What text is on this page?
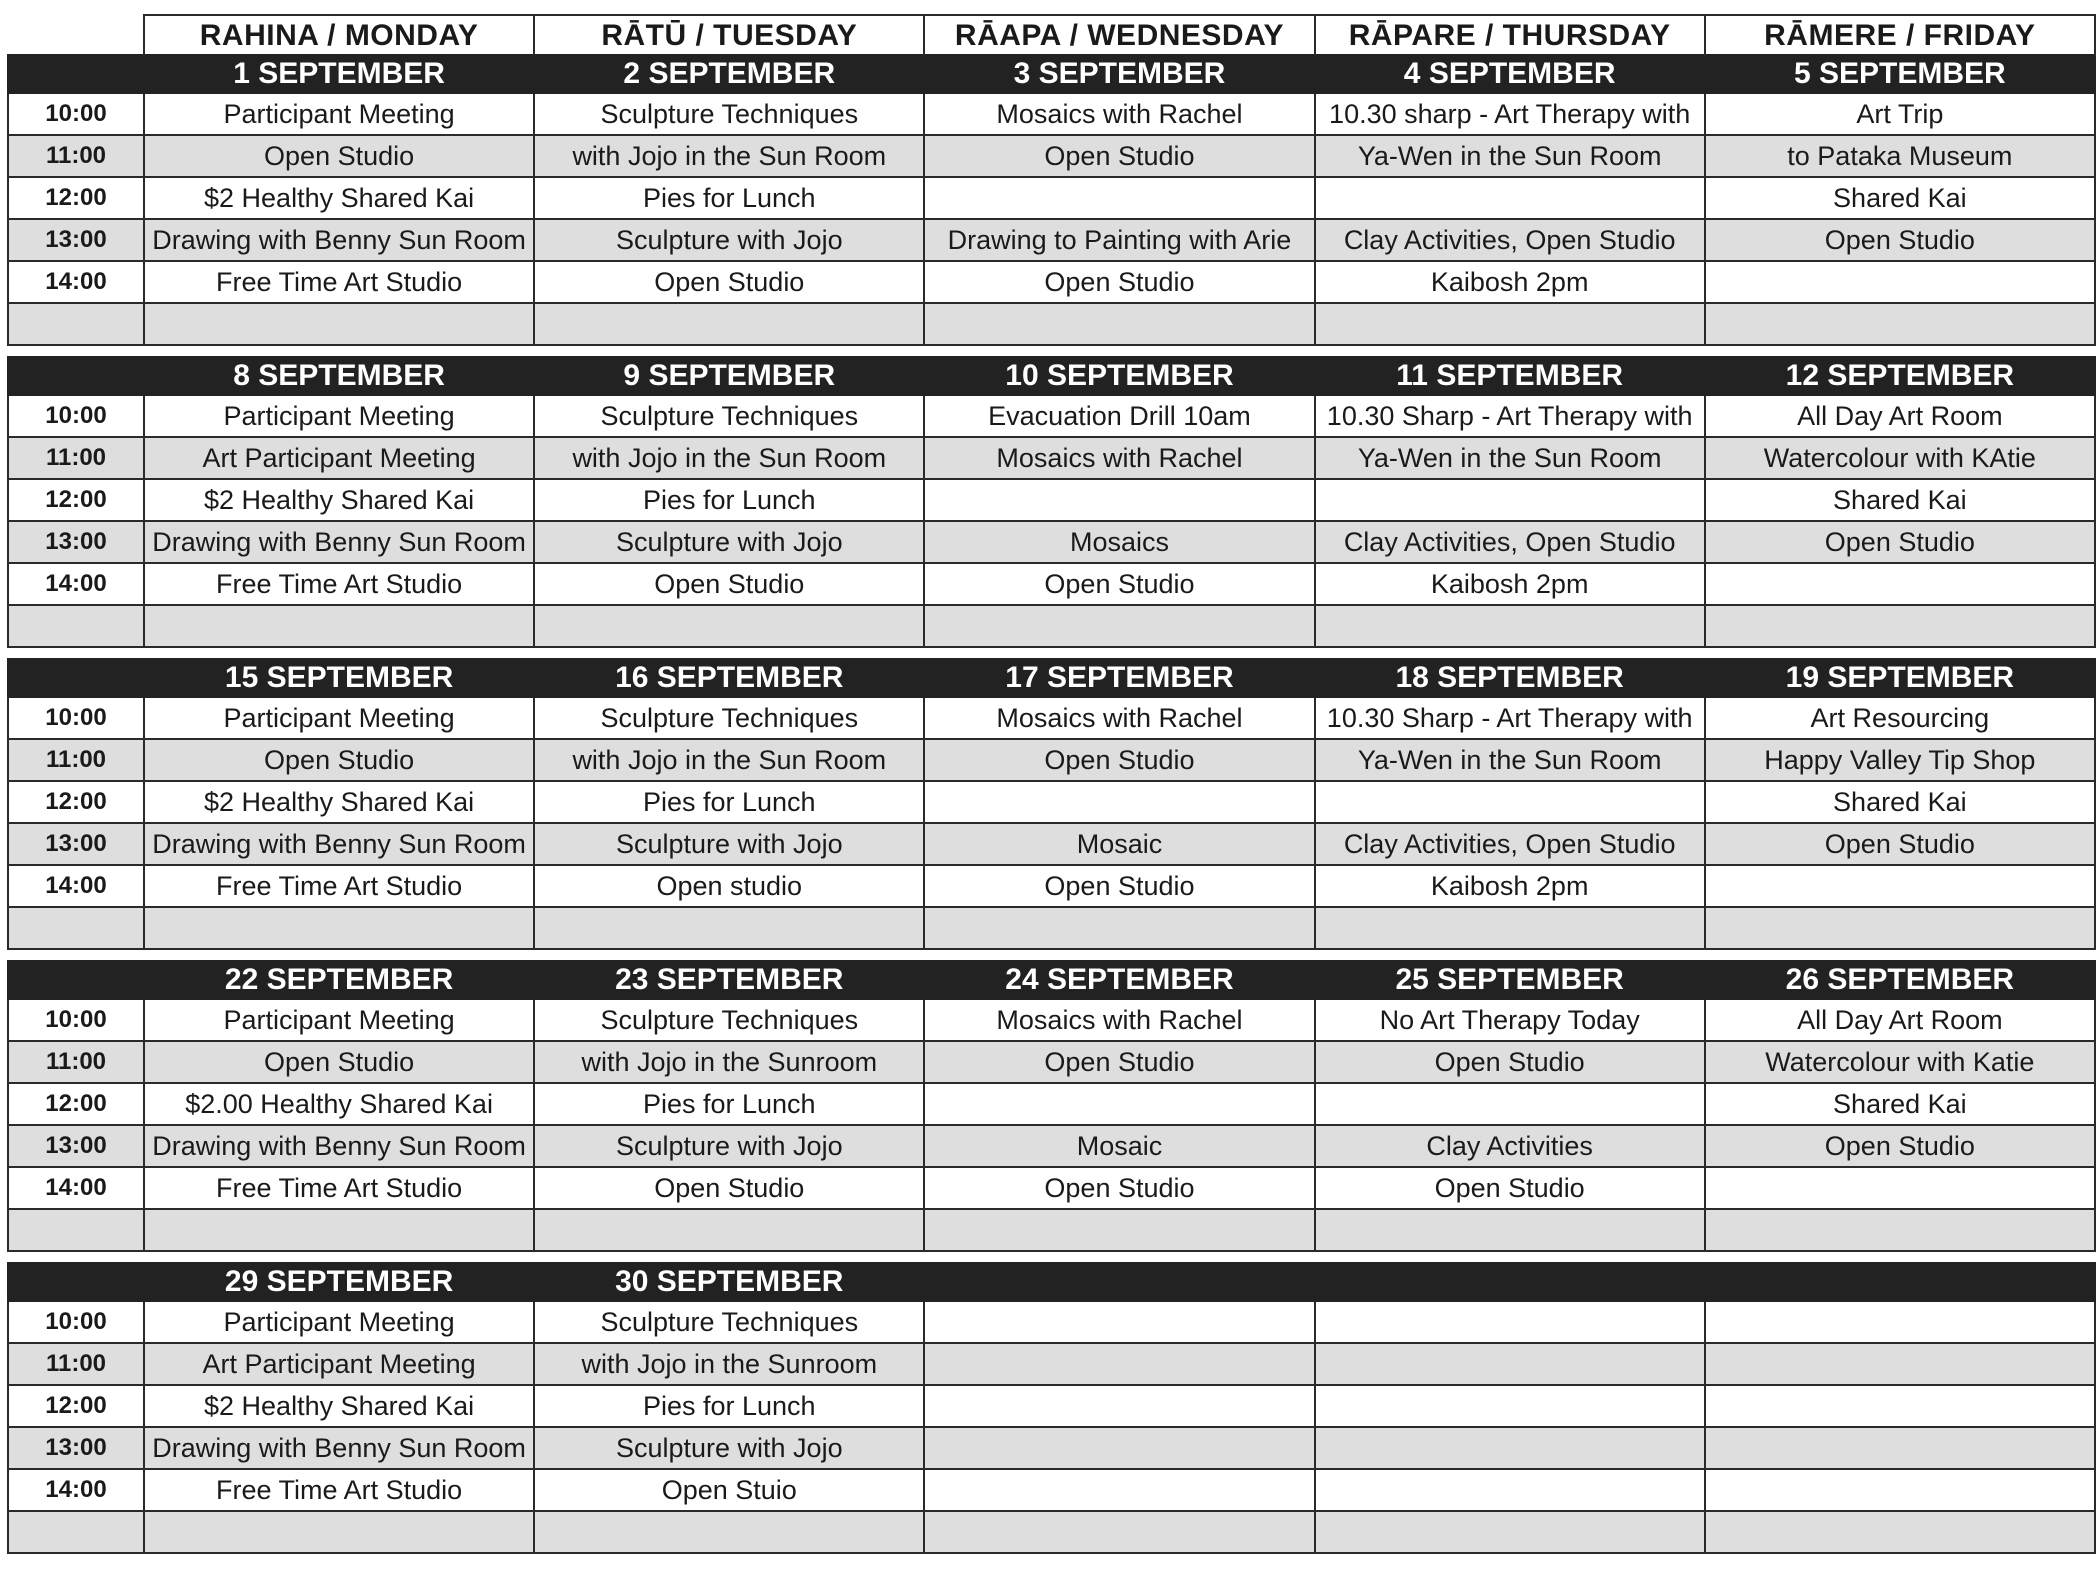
	RAHINA / MONDAY	RĀTŪ / TUESDAY	RĀAPA / WEDNESDAY	RĀPARE / THURSDAY	RĀMERE / FRIDAY
	1 SEPTEMBER	2 SEPTEMBER	3 SEPTEMBER	4 SEPTEMBER	5 SEPTEMBER
10:00	Participant Meeting	Sculpture Techniques	Mosaics with Rachel	10.30 sharp - Art Therapy with	Art Trip
11:00	Open Studio	with Jojo in the Sun Room	Open Studio	Ya-Wen in the Sun Room	to Pataka Museum
12:00	$2 Healthy Shared Kai	Pies for Lunch			Shared Kai
13:00	Drawing with Benny Sun Room	Sculpture with Jojo	Drawing to Painting with Arie	Clay Activities, Open Studio	Open Studio
14:00	Free Time Art Studio	Open Studio	Open Studio	Kaibosh 2pm	

	8 SEPTEMBER	9 SEPTEMBER	10 SEPTEMBER	11 SEPTEMBER	12 SEPTEMBER
10:00	Participant Meeting	Sculpture Techniques	Evacuation Drill 10am	10.30 Sharp - Art Therapy with	All Day Art Room
11:00	Art Participant Meeting	with Jojo in the Sun Room	Mosaics with Rachel	Ya-Wen in the Sun Room	Watercolour with KAtie
12:00	$2 Healthy Shared Kai	Pies for Lunch			Shared Kai
13:00	Drawing with Benny Sun Room	Sculpture with Jojo	Mosaics	Clay Activities, Open Studio	Open Studio
14:00	Free Time Art Studio	Open Studio	Open Studio	Kaibosh 2pm	

	15 SEPTEMBER	16 SEPTEMBER	17 SEPTEMBER	18 SEPTEMBER	19 SEPTEMBER
10:00	Participant Meeting	Sculpture Techniques	Mosaics with Rachel	10.30 Sharp - Art Therapy with	Art Resourcing
11:00	Open Studio	with Jojo in the Sun Room	Open Studio	Ya-Wen in the Sun Room	Happy Valley Tip Shop
12:00	$2 Healthy Shared Kai	Pies for Lunch			Shared Kai
13:00	Drawing with Benny Sun Room	Sculpture with Jojo	Mosaic	Clay Activities, Open Studio	Open Studio
14:00	Free Time Art Studio	Open studio	Open Studio	Kaibosh 2pm	

	22 SEPTEMBER	23 SEPTEMBER	24 SEPTEMBER	25 SEPTEMBER	26 SEPTEMBER
10:00	Participant Meeting	Sculpture Techniques	Mosaics with Rachel	No Art Therapy Today	All Day Art Room
11:00	Open Studio	with Jojo in the Sunroom	Open Studio	Open Studio	Watercolour with Katie
12:00	$2.00 Healthy Shared Kai	Pies for Lunch			Shared Kai
13:00	Drawing with Benny Sun Room	Sculpture with Jojo	Mosaic	Clay Activities	Open Studio
14:00	Free Time Art Studio	Open Studio	Open Studio	Open Studio	

	29 SEPTEMBER	30 SEPTEMBER			
10:00	Participant Meeting	Sculpture Techniques			
11:00	Art Participant Meeting	with Jojo in the Sunroom			
12:00	$2 Healthy Shared Kai	Pies for Lunch			
13:00	Drawing with Benny Sun Room	Sculpture with Jojo			
14:00	Free Time Art Studio	Open Stuio			
